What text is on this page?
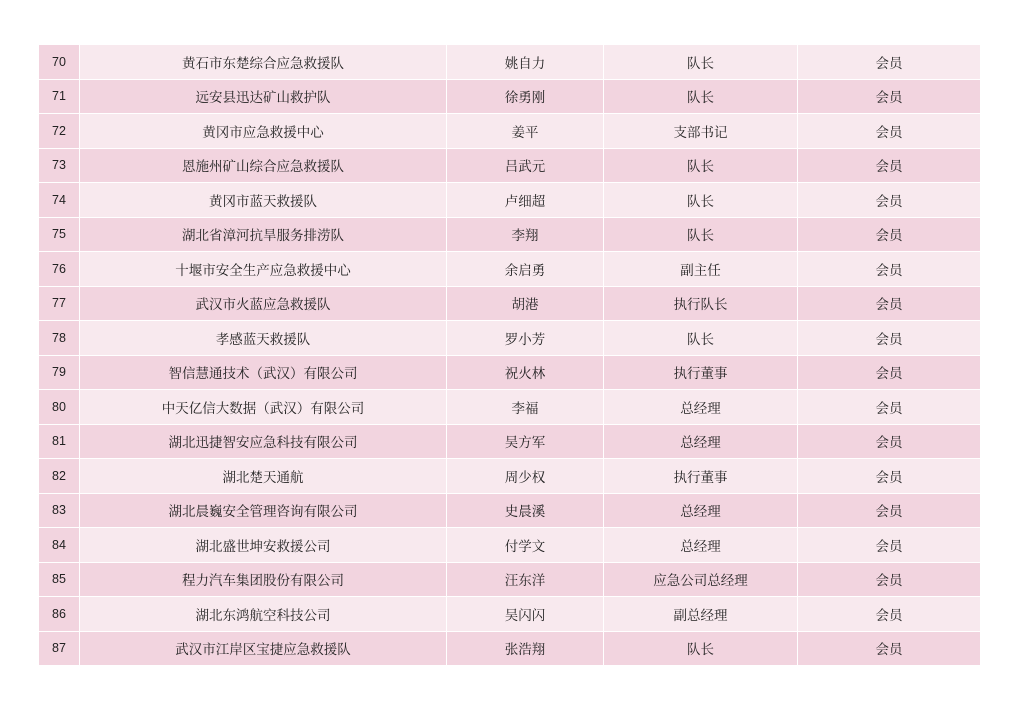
70	黄石市东楚综合应急救援队	姚自力	队长	会员
71	远安县迅达矿山救护队	徐勇刚	队长	会员
72	黄冈市应急救援中心	姜平	支部书记	会员
73	恩施州矿山综合应急救援队	吕武元	队长	会员
74	黄冈市蓝天救援队	卢细超	队长	会员
75	湖北省漳河抗旱服务排涝队	李翔	队长	会员
76	十堰市安全生产应急救援中心	余启勇	副主任	会员
77	武汉市火蓝应急救援队	胡港	执行队长	会员
78	孝感蓝天救援队	罗小芳	队长	会员
79	智信慧通技术（武汉）有限公司	祝火林	执行董事	会员
80	中天亿信大数据（武汉）有限公司	李福	总经理	会员
81	湖北迅捷智安应急科技有限公司	吴方军	总经理	会员
82	湖北楚天通航	周少权	执行董事	会员
83	湖北晨巍安全管理咨询有限公司	史晨溪	总经理	会员
84	湖北盛世坤安救援公司	付学文	总经理	会员
85	程力汽车集团股份有限公司	汪东洋	应急公司总经理	会员
86	湖北东鸿航空科技公司	吴闪闪	副总经理	会员
87	武汉市江岸区宝捷应急救援队	张浩翔	队长	会员
